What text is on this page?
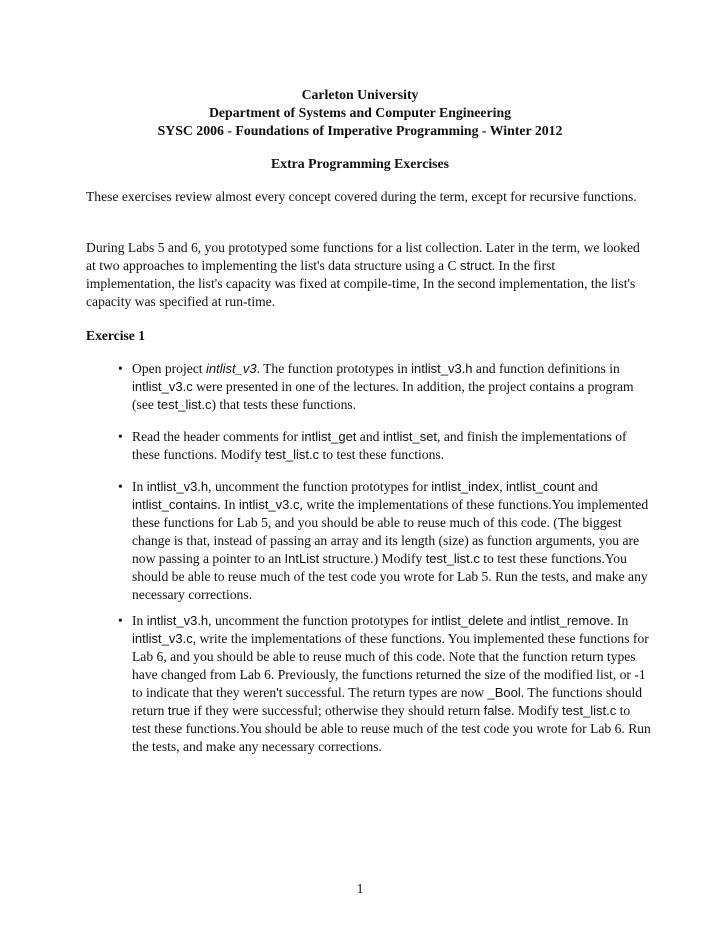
Carleton University
Department of Systems and Computer Engineering
SYSC 2006 - Foundations of Imperative Programming - Winter 2012
Extra Programming Exercises
These exercises review almost every concept covered during the term, except for recursive functions.
During Labs 5 and 6, you prototyped some functions for a list collection. Later in the term, we looked at two approaches to implementing the list's data structure using a C struct. In the first implementation, the list's capacity was fixed at compile-time, In the second implementation, the list's capacity was specified at run-time.
Exercise 1
• Open project intlist_v3. The function prototypes in intlist_v3.h and function definitions in intlist_v3.c were presented in one of the lectures. In addition, the project contains a program (see test_list.c) that tests these functions.
• Read the header comments for intlist_get and intlist_set, and finish the implementations of these functions. Modify test_list.c to test these functions.
• In intlist_v3.h, uncomment the function prototypes for intlist_index, intlist_count and intlist_contains. In intlist_v3.c, write the implementations of these functions.You implemented these functions for Lab 5, and you should be able to reuse much of this code. (The biggest change is that, instead of passing an array and its length (size) as function arguments, you are now passing a pointer to an IntList structure.) Modify test_list.c to test these functions.You should be able to reuse much of the test code you wrote for Lab 5. Run the tests, and make any necessary corrections.
• In intlist_v3.h, uncomment the function prototypes for intlist_delete and intlist_remove. In intlist_v3.c, write the implementations of these functions. You implemented these functions for Lab 6, and you should be able to reuse much of this code. Note that the function return types have changed from Lab 6. Previously, the functions returned the size of the modified list, or -1 to indicate that they weren't successful. The return types are now _Bool. The functions should return true if they were successful; otherwise they should return false. Modify test_list.c to test these functions.You should be able to reuse much of the test code you wrote for Lab 6. Run the tests, and make any necessary corrections.
1
